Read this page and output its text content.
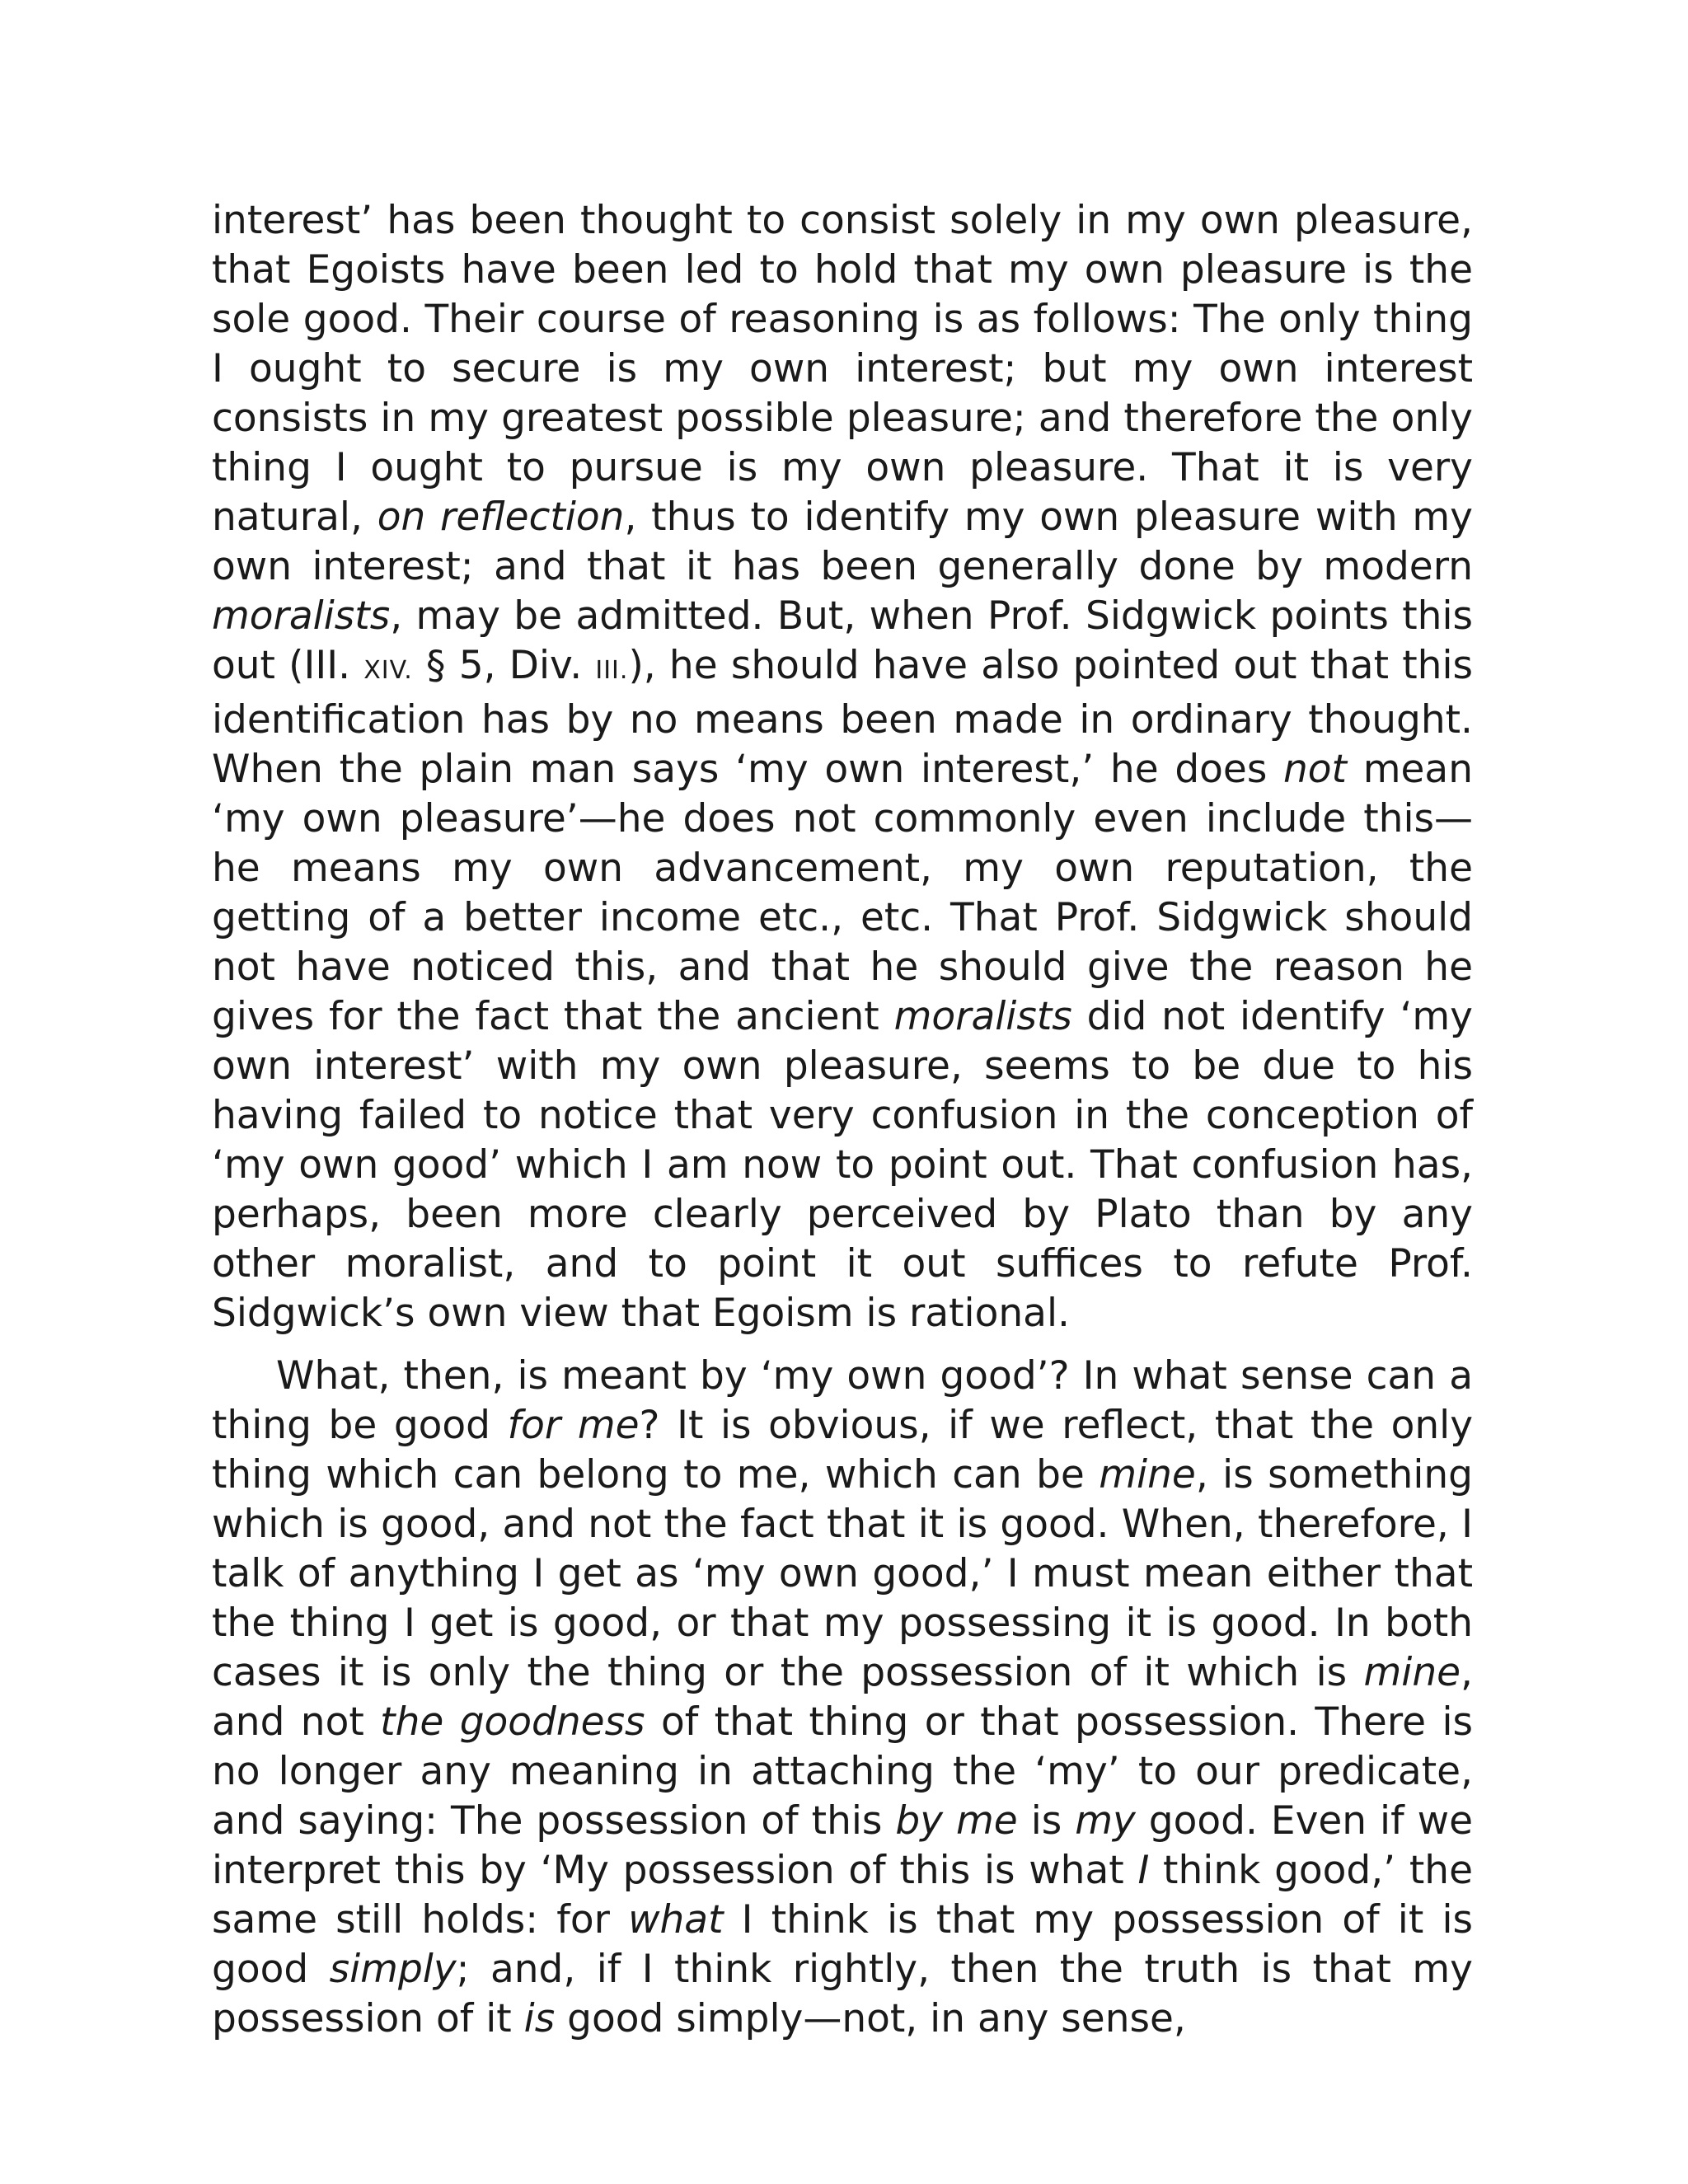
interest’ has been thought to consist solely in my own pleasure, that Egoists have been led to hold that my own pleasure is the sole good. Their course of reasoning is as follows: The only thing I ought to secure is my own interest; but my own interest consists in my greatest possible pleasure; and therefore the only thing I ought to pursue is my own pleasure. That it is very natural, on reflection, thus to identify my own pleasure with my own interest; and that it has been generally done by modern moralists, may be admitted. But, when Prof. Sidgwick points this out (III. XIV. § 5, Div. III.), he should have also pointed out that this identification has by no means been made in ordinary thought. When the plain man says ‘my own interest,’ he does not mean ‘my own pleasure’—he does not commonly even include this—he means my own advancement, my own reputation, the getting of a better income etc., etc. That Prof. Sidgwick should not have noticed this, and that he should give the reason he gives for the fact that the ancient moralists did not identify ‘my own interest’ with my own pleasure, seems to be due to his having failed to notice that very confusion in the conception of ‘my own good’ which I am now to point out. That confusion has, perhaps, been more clearly perceived by Plato than by any other moralist, and to point it out suffices to refute Prof. Sidgwick’s own view that Egoism is rational.

What, then, is meant by ‘my own good’? In what sense can a thing be good for me? It is obvious, if we reflect, that the only thing which can belong to me, which can be mine, is something which is good, and not the fact that it is good. When, therefore, I talk of anything I get as ‘my own good,’ I must mean either that the thing I get is good, or that my possessing it is good. In both cases it is only the thing or the possession of it which is mine, and not the goodness of that thing or that possession. There is no longer any meaning in attaching the ‘my’ to our predicate, and saying: The possession of this by me is my good. Even if we interpret this by ‘My possession of this is what I think good,’ the same still holds: for what I think is that my possession of it is good simply; and, if I think rightly, then the truth is that my possession of it is good simply—not, in any sense,
